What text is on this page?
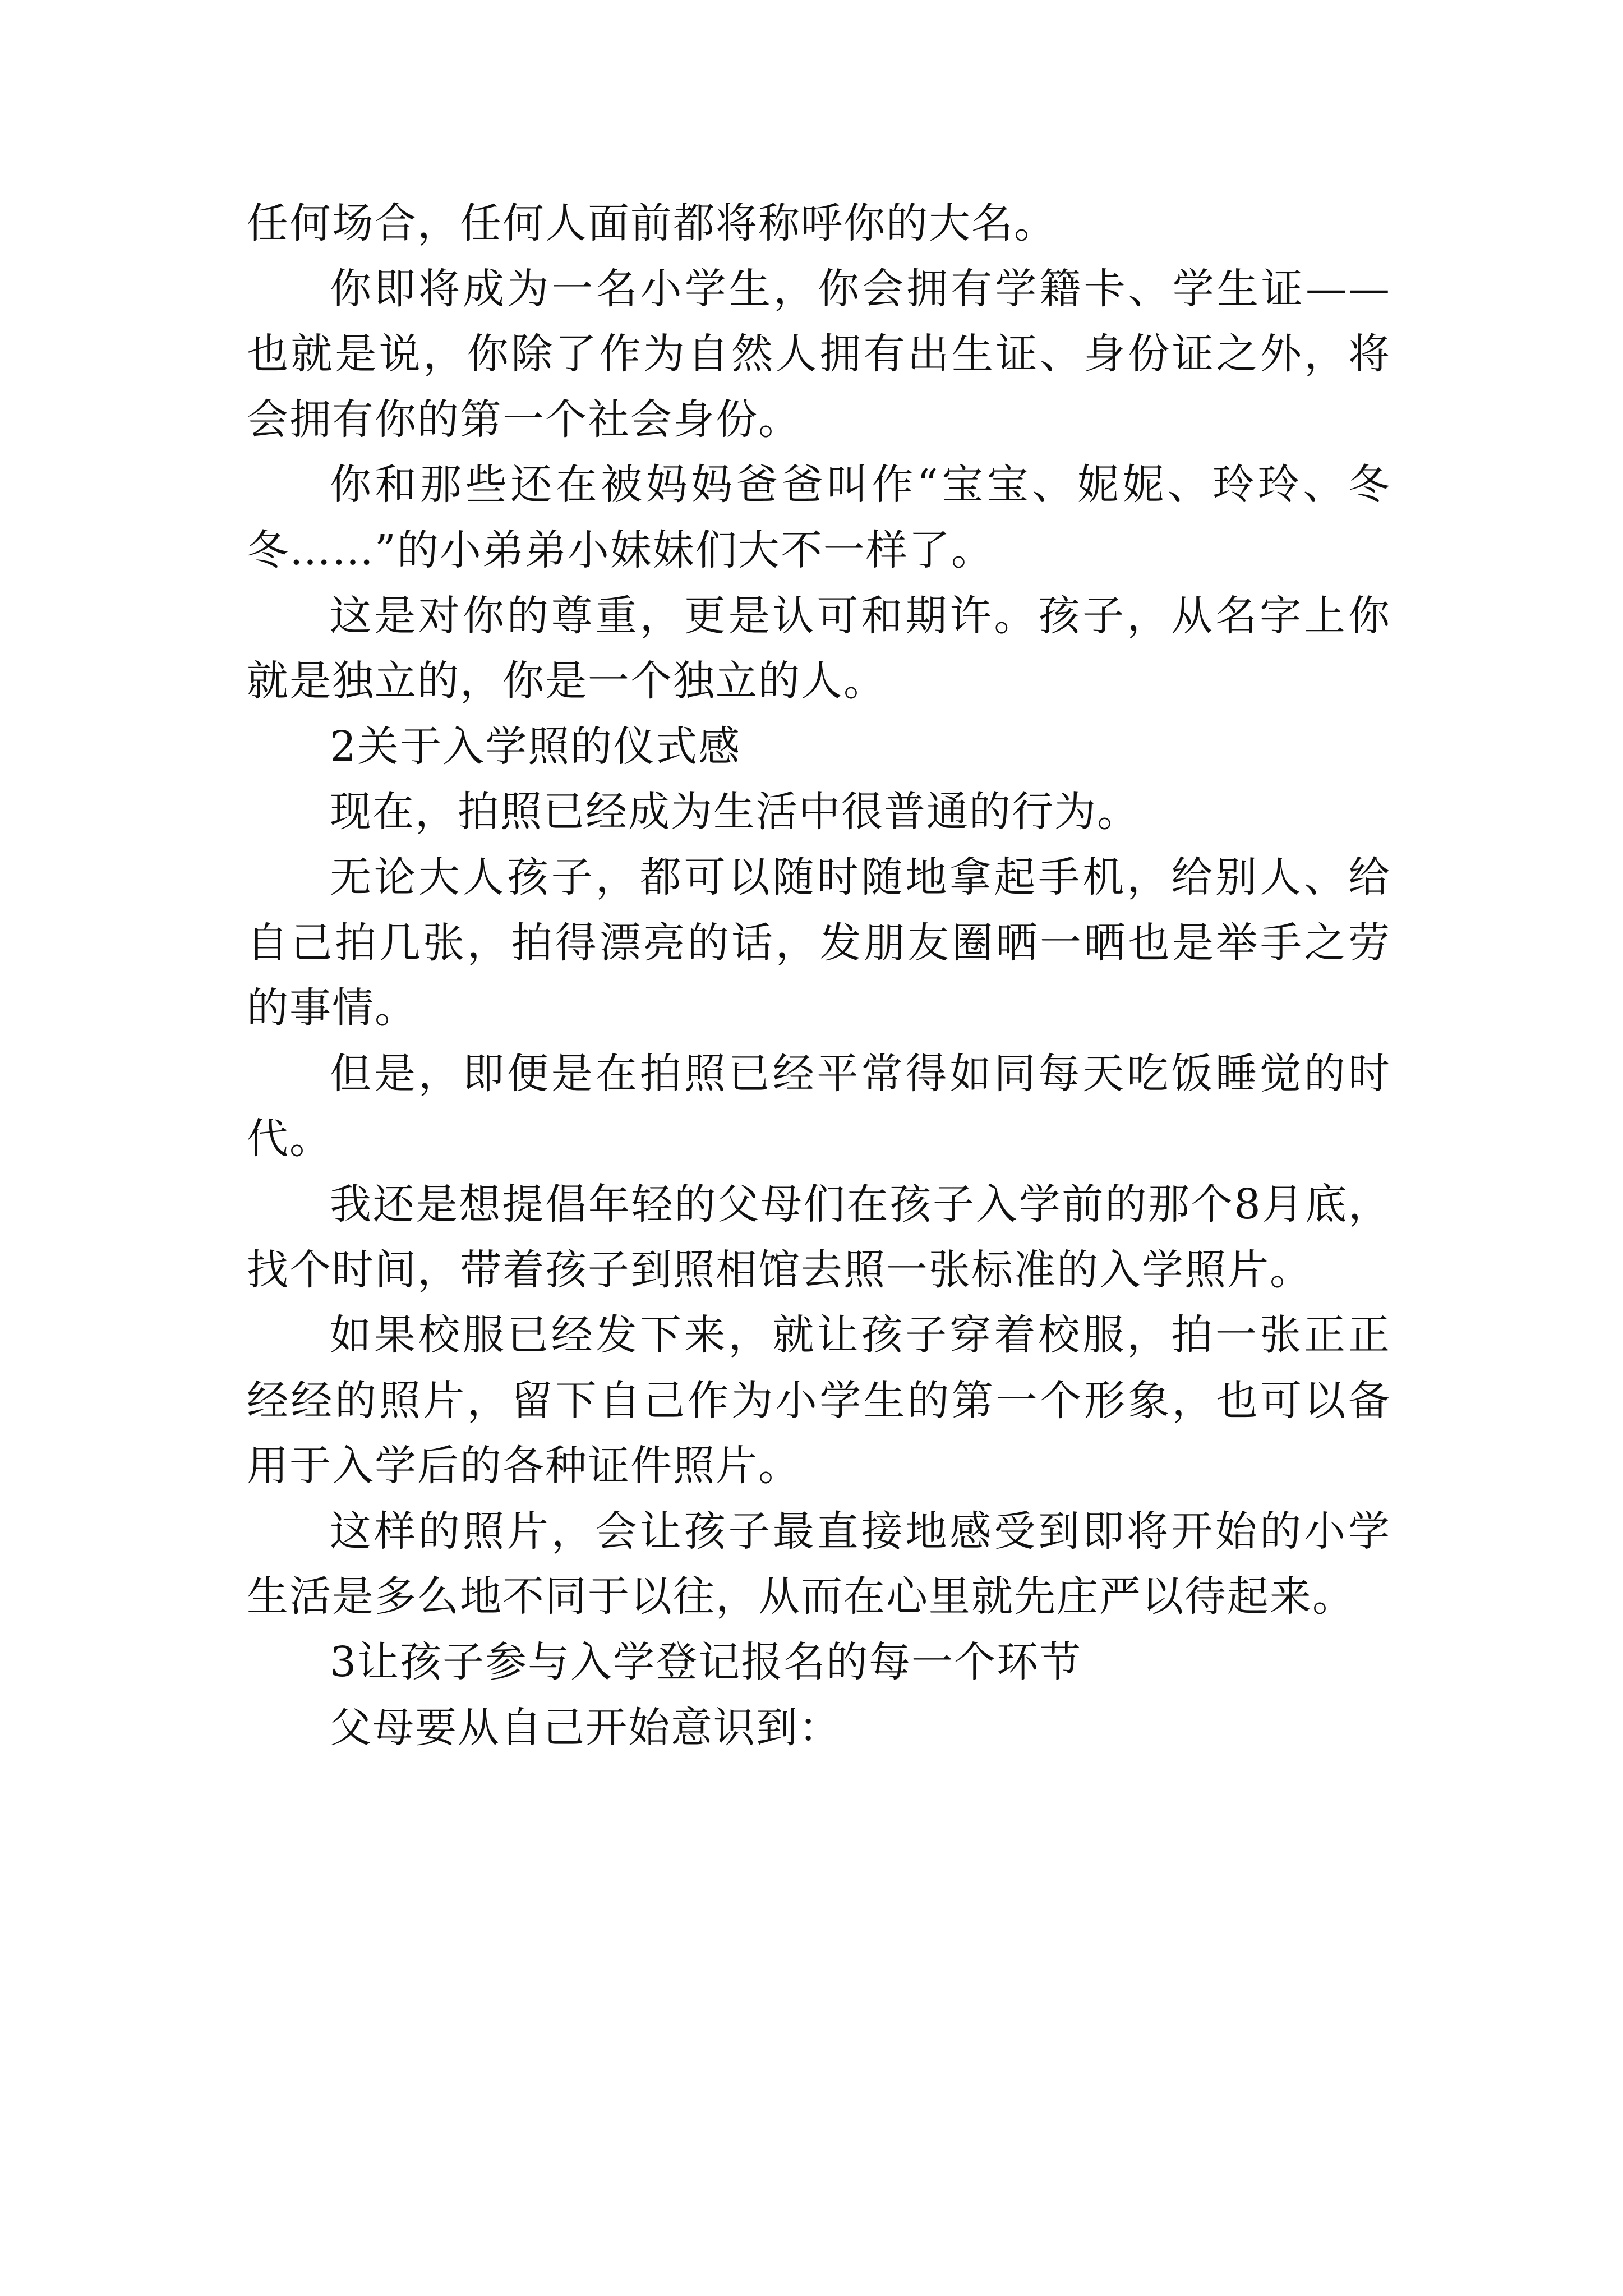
任何场合，任何人面前都将称呼你的大名。

你即将成为一名小学生，你会拥有学籍卡、学生证——也就是说，你除了作为自然人拥有出生证、身份证之外，将会拥有你的第一个社会身份。

你和那些还在被妈妈爸爸叫作“宝宝、妮妮、玲玲、冬冬……”的小弟弟小妹妹们大不一样了。

这是对你的尊重，更是认可和期许。孩子，从名字上你就是独立的，你是一个独立的人。

2关于入学照的仪式感

现在，拍照已经成为生活中很普通的行为。

无论大人孩子，都可以随时随地拿起手机，给别人、给自己拍几张，拍得漂亮的话，发朋友圈晒一晒也是举手之劳的事情。

但是，即便是在拍照已经平常得如同每天吃饭睡觉的时代。

我还是想提倡年轻的父母们在孩子入学前的那个8月底，找个时间，带着孩子到照相馆去照一张标准的入学照片。

如果校服已经发下来，就让孩子穿着校服，拍一张正正经经的照片，留下自己作为小学生的第一个形象，也可以备用于入学后的各种证件照片。

这样的照片，会让孩子最直接地感受到即将开始的小学生活是多么地不同于以往，从而在心里就先庄严以待起来。

3让孩子参与入学登记报名的每一个环节

父母要从自己开始意识到：
